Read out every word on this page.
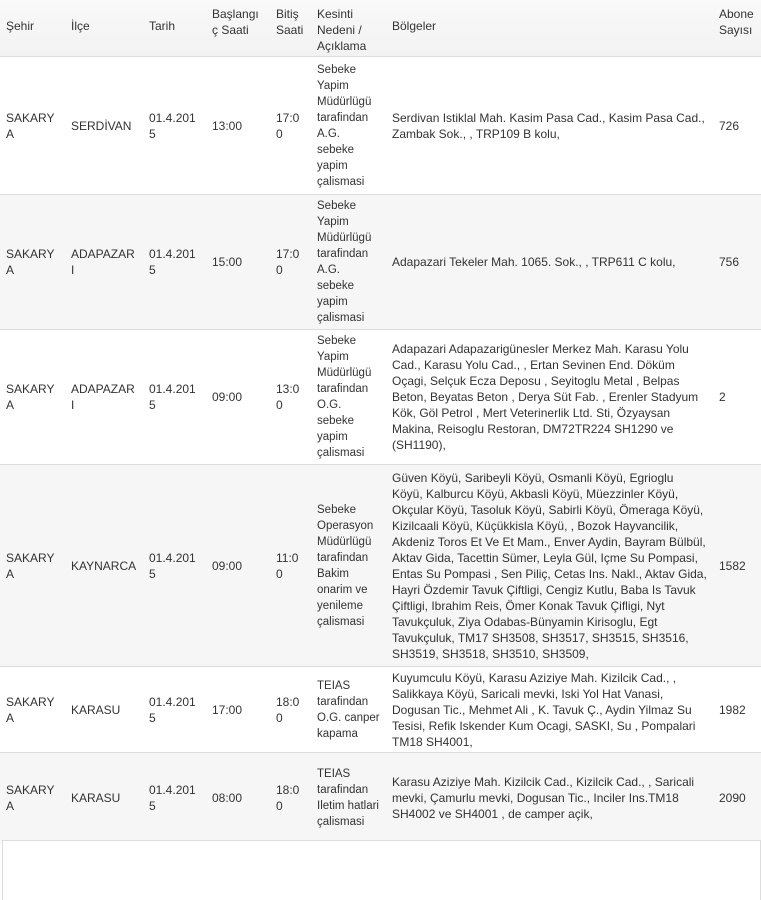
Şehir	İlçe	Tarih	Başlangıç Saati	Bitiş Saati	Kesinti Nedeni / Açıklama	Bölgeler	Abone Sayısı

SAKARYA	SERDİVAN	01.4.2015	13:00	17:00	Sebeke Yapim Müdürlügü tarafindan A.G. sebeke yapim çalismasi	Serdivan Istiklal Mah. Kasim Pasa Cad., Kasim Pasa Cad., Zambak Sok., , TRP109 B kolu,	726
SAKARYA	ADAPAZARI	01.4.2015	15:00	17:00	Sebeke Yapim Müdürlügü tarafindan A.G. sebeke yapim çalismasi	Adapazari Tekeler Mah. 1065. Sok., , TRP611 C kolu,	756
SAKARYA	ADAPAZARI	01.4.2015	09:00	13:00	Sebeke Yapim Müdürlügü tarafindan O.G. sebeke yapim çalismasi	Adapazari Adapazarigünesler Merkez Mah. Karasu Yolu Cad., Karasu Yolu Cad., , Ertan Sevinen End. Döküm Oçagi, Selçuk Ecza Deposu , Seyitoglu Metal , Belpas Beton, Beyatas Beton , Derya Süt Fab. , Erenler Stadyum Kök, Göl Petrol , Mert Veterinerlik Ltd. Sti, Özyaysan Makina, Reisoglu Restoran, DM72TR224 SH1290 ve (SH1190),	2
SAKARYA	KAYNARCA	01.4.2015	09:00	11:00	Sebeke Operasyon Müdürlügü tarafindan Bakim onarim ve yenileme çalismasi	Güven Köyü, Saribeyli Köyü, Osmanli Köyü, Egrioglu Köyü, Kalburcu Köyü, Akbasli Köyü, Müezzinler Köyü, Okçular Köyü, Tasoluk Köyü, Sabirli Köyü, Ömeraga Köyü, Kizilcaali Köyü, Küçükkisla Köyü, , Bozok Hayvancilik, Akdeniz Toros Et Ve Et Mam., Enver Aydin, Bayram Bülbül, Aktav Gida, Tacettin Sümer, Leyla Gül, Içme Su Pompasi, Entas Su Pompasi , Sen Piliç, Cetas Ins. Nakl., Aktav Gida, Hayri Özdemir Tavuk Çiftligi, Cengiz Kutlu, Baba Is Tavuk Çiftligi, Ibrahim Reis, Ömer Konak Tavuk Çifligi, Nyt Tavukçuluk, Ziya Odabas-Bünyamin Kirisoglu, Egt Tavukçuluk, TM17 SH3508, SH3517, SH3515, SH3516, SH3519, SH3518, SH3510, SH3509,	1582
SAKARYA	KARASU	01.4.2015	17:00	18:00	TEIAS tarafindan O.G. canper kapama	Kuyumculu Köyü, Karasu Aziziye Mah. Kizilcik Cad., , Salikkaya Köyü, Saricali mevki, Iski Yol Hat Vanasi, Dogusan Tic., Mehmet Ali , K. Tavuk Ç., Aydin Yilmaz Su Tesisi, Refik Iskender Kum Ocagi, SASKI, Su , Pompalari TM18 SH4001,	1982
SAKARYA	KARASU	01.4.2015	08:00	18:00	TEIAS tarafindan Iletim hatlari çalismasi	Karasu Aziziye Mah. Kizilcik Cad., Kizilcik Cad., , Saricali mevki, Çamurlu mevki, Dogusan Tic., Inciler Ins.TM18 SH4002 ve SH4001 , de camper açik,	2090
